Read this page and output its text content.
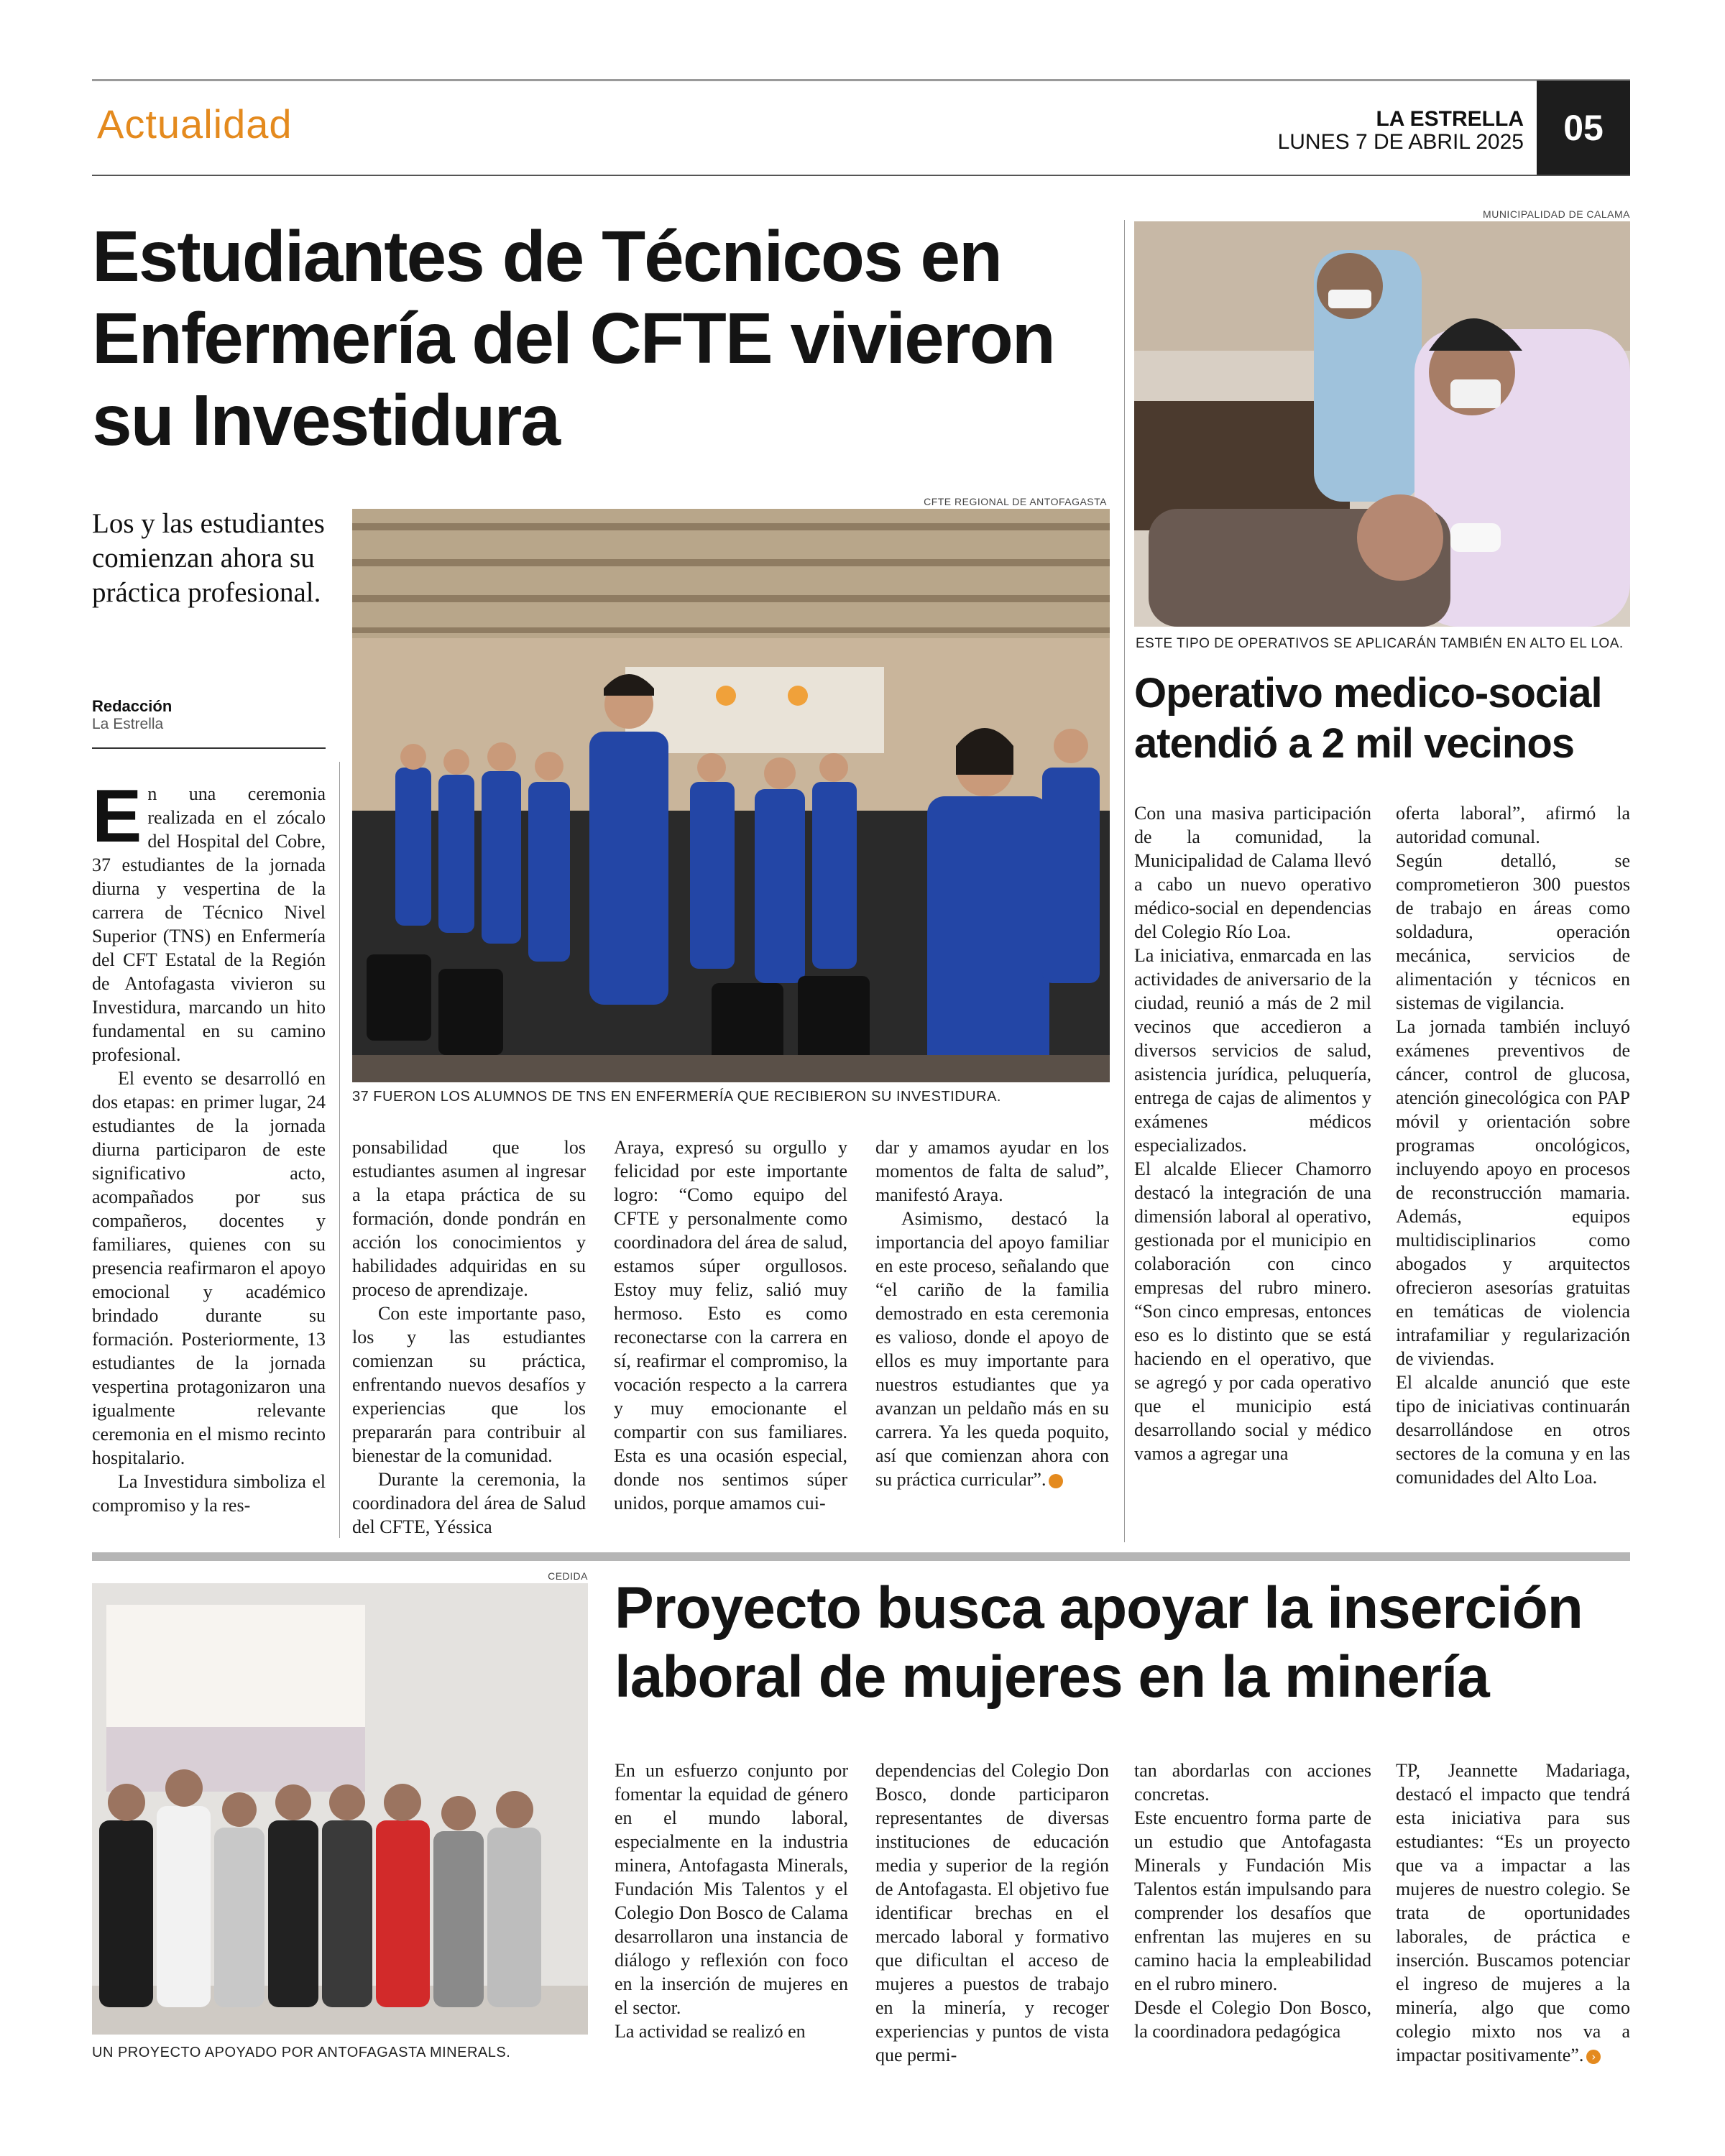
Actualidad	LA ESTRELLA
LUNES 7 DE ABRIL 2025	05
Estudiantes de Técnicos en Enfermería del CFTE vivieron su Investidura
Los y las estudiantes comienzan ahora su práctica profesional.
Redacción
La Estrella
CFTE REGIONAL DE ANTOFAGASTA
37 FUERON LOS ALUMNOS DE TNS EN ENFERMERÍA QUE RECIBIERON SU INVESTIDURA.

En una ceremonia realizada en el zócalo del Hospital del Cobre, 37 estudiantes de la jornada diurna y vespertina de la carrera de Técnico Nivel Superior (TNS) en Enfermería del CFT Estatal de la Región de Antofagasta vivieron su Investidura, marcando un hito fundamental en su camino profesional.

El evento se desarrolló en dos etapas: en primer lugar, 24 estudiantes de la jornada diurna participaron de este significativo acto, acompañados por sus compañeros, docentes y familiares, quienes con su presencia reafirmaron el apoyo emocional y académico brindado durante su formación. Posteriormente, 13 estudiantes de la jornada vespertina protagonizaron una igualmente relevante ceremonia en el mismo recinto hospitalario.

La Investidura simboliza el compromiso y la res-

ponsabilidad que los estudiantes asumen al ingresar a la etapa práctica de su formación, donde pondrán en acción los conocimientos y habilidades adquiridas en su proceso de aprendizaje.

Con este importante paso, los y las estudiantes comienzan su práctica, enfrentando nuevos desafíos y experiencias que los prepararán para contribuir al bienestar de la comunidad.

Durante la ceremonia, la coordinadora del área de Salud del CFTE, Yéssica

Araya, expresó su orgullo y felicidad por este importante logro: “Como equipo del CFTE y personalmente como coordinadora del área de salud, estamos súper orgullosos. Estoy muy feliz, salió muy hermoso. Esto es como reconectarse con la carrera en sí, reafirmar el compromiso, la vocación respecto a la carrera y muy emocionante el compartir con sus familiares. Esta es una ocasión especial, donde nos sentimos súper unidos, porque amamos cui-

dar y amamos ayudar en los momentos de falta de salud”, manifestó Araya.

Asimismo, destacó la importancia del apoyo familiar en este proceso, señalando que “el cariño de la familia demostrado en esta ceremonia es valioso, donde el apoyo de ellos es muy importante para nuestros estudiantes que ya avanzan un peldaño más en su carrera. Ya les queda poquito, así que comienzan ahora con su práctica curricular”.	›

MUNICIPALIDAD DE CALAMA
ESTE TIPO DE OPERATIVOS SE APLICARÁN TAMBIÉN EN ALTO EL LOA.
Operativo medico-social atendió a 2 mil vecinos

Con una masiva participación de la comunidad, la Municipalidad de Calama llevó a cabo un nuevo operativo médico-social en dependencias del Colegio Río Loa.

La iniciativa, enmarcada en las actividades de aniversario de la ciudad, reunió a más de 2 mil vecinos que accedieron a diversos servicios de salud, asistencia jurídica, peluquería, entrega de cajas de alimentos y exámenes médicos especializados.

El alcalde Eliecer Chamorro destacó la integración de una dimensión laboral al operativo, gestionada por el municipio en colaboración con cinco empresas del rubro minero. “Son cinco empresas, entonces eso es lo distinto que se está haciendo en el operativo, que se agregó y por cada operativo que el municipio está desarrollando social y médico vamos a agregar una

oferta laboral”, afirmó la autoridad comunal.

Según detalló, se comprometieron 300 puestos de trabajo en áreas como soldadura, operación mecánica, servicios de alimentación y técnicos en sistemas de vigilancia.

La jornada también incluyó exámenes preventivos de cáncer, control de glucosa, atención ginecológica con PAP móvil y orientación sobre programas oncológicos, incluyendo apoyo en procesos de reconstrucción mamaria. Además, equipos multidisciplinarios como abogados y arquitectos ofrecieron asesorías gratuitas en temáticas de violencia intrafamiliar y regularización de viviendas.

El alcalde anunció que este tipo de iniciativas continuarán desarrollándose en otros sectores de la comuna y en las comunidades del Alto Loa.

CEDIDA
UN PROYECTO APOYADO POR ANTOFAGASTA MINERALS.
Proyecto busca apoyar la inserción laboral de mujeres en la minería

En un esfuerzo conjunto por fomentar la equidad de género en el mundo laboral, especialmente en la industria minera, Antofagasta Minerals, Fundación Mis Talentos y el Colegio Don Bosco de Calama desarrollaron una instancia de diálogo y reflexión con foco en la inserción de mujeres en el sector.

La actividad se realizó en

dependencias del Colegio Don Bosco, donde participaron representantes de diversas instituciones de educación media y superior de la región de Antofagasta. El objetivo fue identificar brechas en el mercado laboral y formativo que dificultan el acceso de mujeres a puestos de trabajo en la minería, y recoger experiencias y puntos de vista que permi-

tan abordarlas con acciones concretas.

Este encuentro forma parte de un estudio que Antofagasta Minerals y Fundación Mis Talentos están impulsando para comprender los desafíos que enfrentan las mujeres en su camino hacia la empleabilidad en el rubro minero.

Desde el Colegio Don Bosco, la coordinadora pedagógica

TP, Jeannette Madariaga, destacó el impacto que tendrá esta iniciativa para sus estudiantes: “Es un proyecto que va a impactar a las mujeres de nuestro colegio. Se trata de oportunidades laborales, de práctica e inserción. Buscamos potenciar el ingreso de mujeres a la minería, algo que como colegio mixto nos va a impactar positivamente”. ›
